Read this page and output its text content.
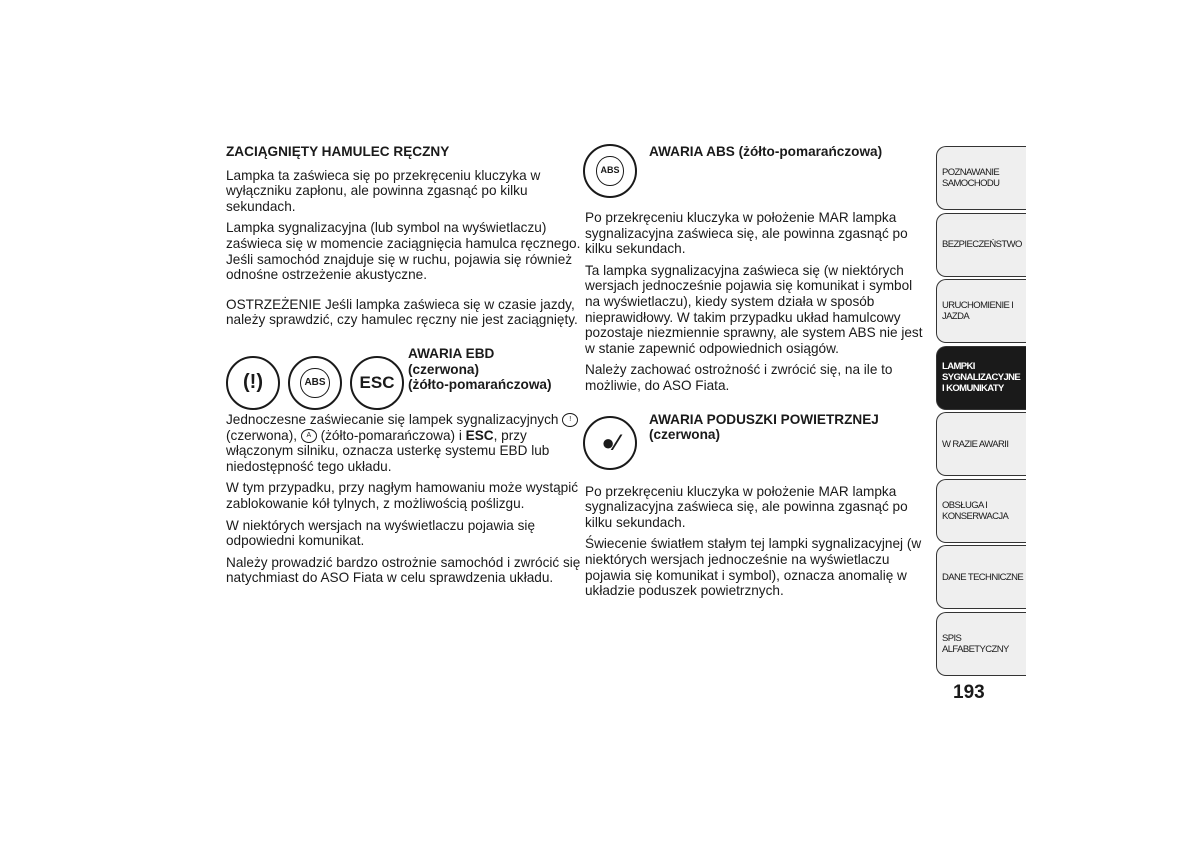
ZACIĄGNIĘTY HAMULEC RĘCZNY

Lampka ta zaświeca się po przekręceniu kluczyka w wyłączniku zapłonu, ale powinna zgasnąć po kilku sekundach.

Lampka sygnalizacyjna (lub symbol na wyświetlaczu) zaświeca się w momencie zaciągnięcia hamulca ręcznego. Jeśli samochód znajduje się w ruchu, pojawia się również odnośne ostrzeżenie akustyczne.

OSTRZEŻENIE Jeśli lampka zaświeca się w czasie jazdy, należy sprawdzić, czy hamulec ręczny nie jest zaciągnięty.

(!)	ABS ESC
AWARIA EBD
(czerwona)
(żółto-pomarańczowa)

Jednoczesne zaświecanie się lampek sygnalizacyjnych ! (czerwona), A (żółto-pomarańczowa) i ESC, przy włączonym silniku, oznacza usterkę systemu EBD lub niedostępność tego układu.

W tym przypadku, przy nagłym hamowaniu może wystąpić zablokowanie kół tylnych, z możliwością poślizgu.

W niektórych wersjach na wyświetlaczu pojawia się odpowiedni komunikat.

Należy prowadzić bardzo ostrożnie samochód i zwrócić się natychmiast do ASO Fiata w celu sprawdzenia układu.

ABS
AWARIA ABS (żółto-pomarańczowa)

Po przekręceniu kluczyka w położenie MAR lampka sygnalizacyjna zaświeca się, ale powinna zgasnąć po kilku sekundach.

Ta lampka sygnalizacyjna zaświeca się (w niektórych wersjach jednocześnie pojawia się komunikat i symbol na wyświetlaczu), kiedy system działa w sposób nieprawidłowy. W takim przypadku układ hamulcowy pozostaje niezmiennie sprawny, ale system ABS nie jest w stanie zapewnić odpowiednich osiągów.

Należy zachować ostrożność i zwrócić się, na ile to możliwie, do ASO Fiata.

●⁄
AWARIA PODUSZKI POWIETRZNEJ (czerwona)

Po przekręceniu kluczyka w położenie MAR lampka sygnalizacyjna zaświeca się, ale powinna zgasnąć po kilku sekundach.

Świecenie światłem stałym tej lampki sygnalizacyjnej (w niektórych wersjach jednocześnie na wyświetlaczu pojawia się komunikat i symbol), oznacza anomalię w układzie poduszek powietrznych.

POZNAWANIE
SAMOCHODU
BEZPIECZEŃSTWO
URUCHOMIENIE I
JAZDA
LAMPKI
SYGNALIZACYJNE
I KOMUNIKATY
W RAZIE AWARII
OBSŁUGA I
KONSERWACJA
DANE TECHNICZNE
SPIS ALFABETYCZNY
193
